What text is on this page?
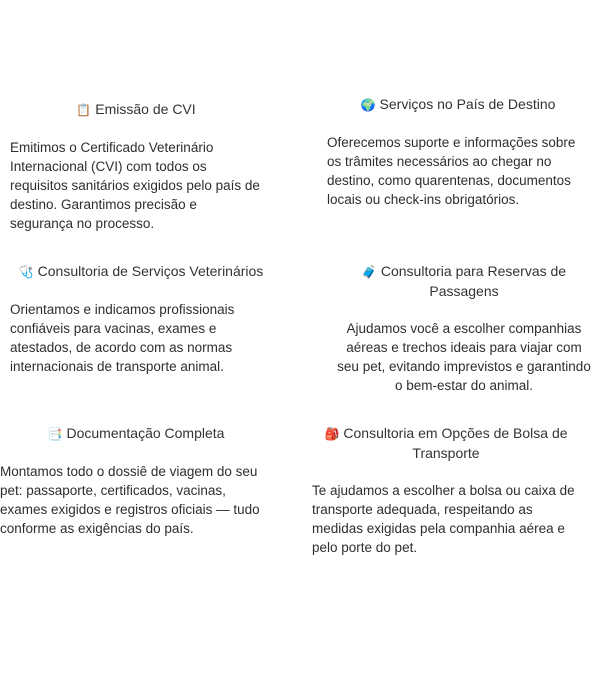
📋 Emissão de CVI

Emitimos o Certificado Veterinário Internacional (CVI) com todos os requisitos sanitários exigidos pelo país de destino. Garantimos precisão e segurança no processo.

🌍 Serviços no País de Destino

Oferecemos suporte e informações sobre os trâmites necessários ao chegar no destino, como quarentenas, documentos locais ou check-ins obrigatórios.

🩺 Consultoria de Serviços Veterinários

Orientamos e indicamos profissionais confiáveis para vacinas, exames e atestados, de acordo com as normas internacionais de transporte animal.

🧳 Consultoria para Reservas de Passagens

Ajudamos você a escolher companhias aéreas e trechos ideais para viajar com seu pet, evitando imprevistos e garantindo o bem-estar do animal.

📑 Documentação Completa

Montamos todo o dossiê de viagem do seu pet: passaporte, certificados, vacinas, exames exigidos e registros oficiais — tudo conforme as exigências do país.

🎒 Consultoria em Opções de Bolsa de Transporte

Te ajudamos a escolher a bolsa ou caixa de transporte adequada, respeitando as medidas exigidas pela companhia aérea e pelo porte do pet.
